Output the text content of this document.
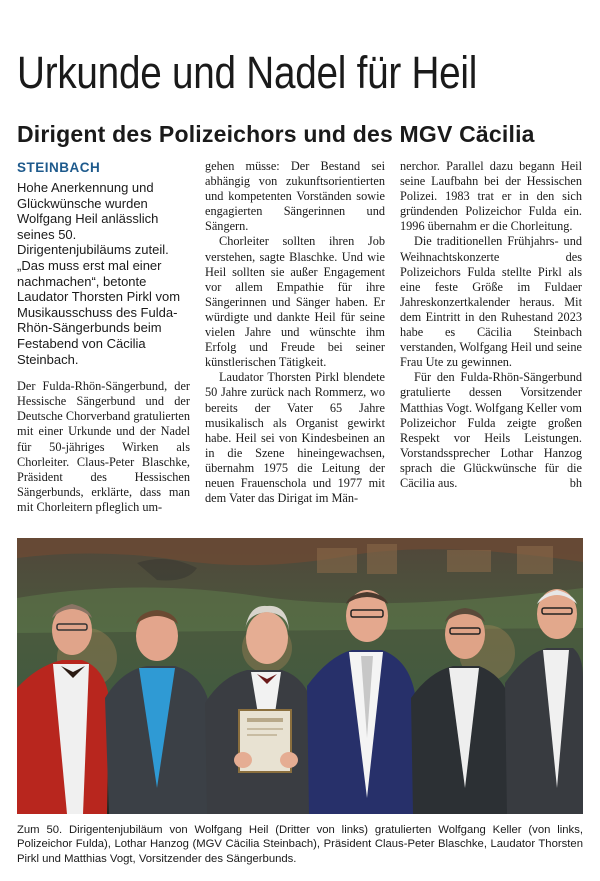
Urkunde und Nadel für Heil
Dirigent des Polizeichors und des MGV Cäcilia
STEINBACH

Hohe Anerkennung und Glückwünsche wurden Wolfgang Heil anlässlich seines 50. Dirigentenjubiläums zuteil. „Das muss erst mal einer nachmachen“, betonte Laudator Thorsten Pirkl vom Musikausschuss des Fulda-Rhön-Sängerbunds beim Festabend von Cäcilia Steinbach.

Der Fulda-Rhön-Sängerbund, der Hessische Sängerbund und der Deutsche Chorverband gratulierten mit einer Urkunde und der Nadel für 50-jähriges Wirken als Chorleiter. Claus-Peter Blaschke, Präsident des Hessischen Sängerbunds, erklärte, dass man mit Chorleitern pfleglich um-

gehen müsse: Der Bestand sei abhängig von zukunftsorientierten und kompetenten Vorständen sowie engagierten Sängerinnen und Sängern.

Chorleiter sollten ihren Job verstehen, sagte Blaschke. Und wie Heil sollten sie außer Engagement vor allem Empathie für ihre Sängerinnen und Sänger haben. Er würdigte und dankte Heil für seine vielen Jahre und wünschte ihm Erfolg und Freude bei seiner künstlerischen Tätigkeit.

Laudator Thorsten Pirkl blendete 50 Jahre zurück nach Rommerz, wo bereits der Vater 65 Jahre musikalisch als Organist gewirkt habe. Heil sei von Kindesbeinen an in die Szene hineingewachsen, übernahm 1975 die Leitung der neuen Frauenschola und 1977 mit dem Vater das Dirigat im Män-

nerchor. Parallel dazu begann Heil seine Laufbahn bei der Hessischen Polizei. 1983 trat er in den sich gründenden Polizeichor Fulda ein. 1996 übernahm er die Chorleitung.

Die traditionellen Frühjahrs- und Weihnachtskonzerte des Polizeichors Fulda stellte Pirkl als eine feste Größe im Fuldaer Jahreskonzertkalender heraus. Mit dem Eintritt in den Ruhestand 2023 habe es Cäcilia Steinbach verstanden, Wolfgang Heil und seine Frau Ute zu gewinnen.

Für den Fulda-Rhön-Sängerbund gratulierte dessen Vorsitzender Matthias Vogt. Wolfgang Keller vom Polizeichor Fulda zeigte großen Respekt vor Heils Leistungen. Vorstandssprecher Lothar Hanzog sprach die Glückwünsche für die Cäcilia aus.	bh

Zum 50. Dirigentenjubiläum von Wolfgang Heil (Dritter von links) gratulierten Wolfgang Keller (von links, Polizeichor Fulda), Lothar Hanzog (MGV Cäcilia Steinbach), Präsident Claus-Peter Blaschke, Laudator Thorsten Pirkl und Matthias Vogt, Vorsitzender des Sängerbunds.
